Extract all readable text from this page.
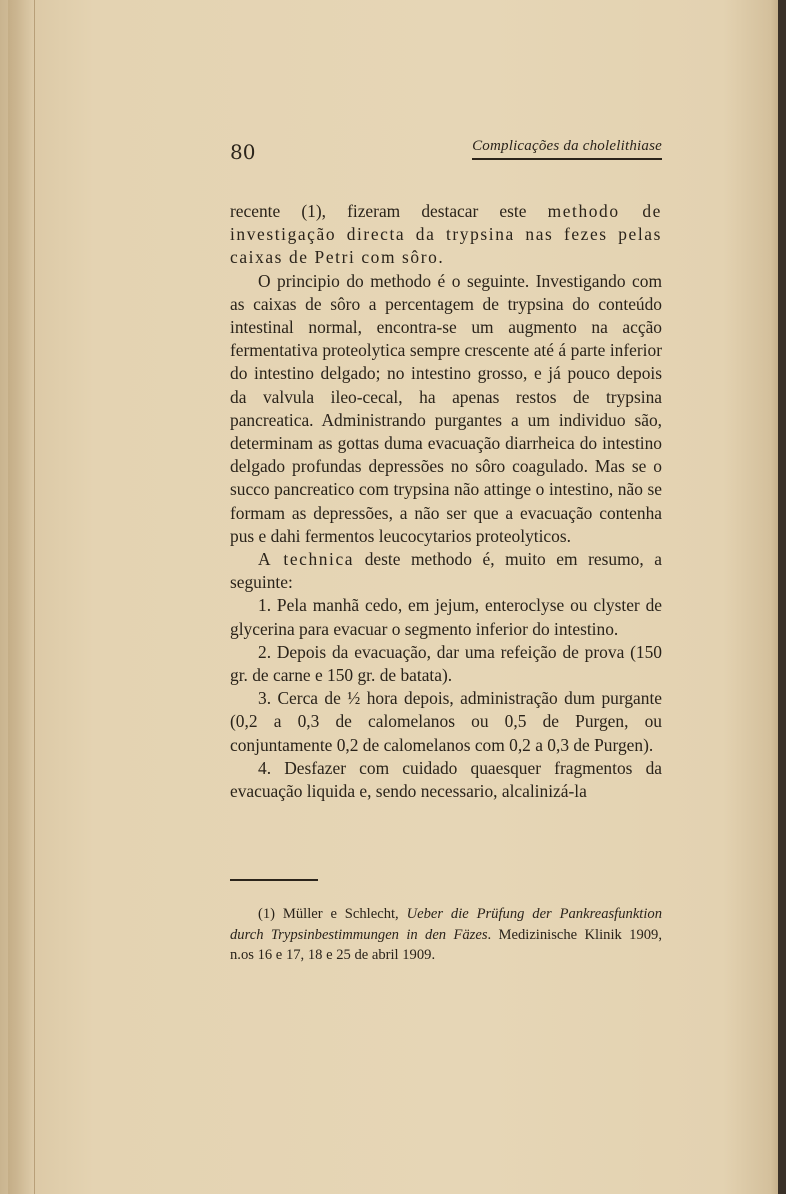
80	Complicações da cholelithiase

recente (1), fizeram destacar este methodo de investigação directa da trypsina nas fezes pelas caixas de Petri com sôro.

O principio do methodo é o seguinte. Investigando com as caixas de sôro a percentagem de trypsina do conteúdo intestinal normal, encontra-se um augmento na acção fermentativa proteolytica sempre crescente até á parte inferior do intestino delgado; no intestino grosso, e já pouco depois da valvula ileo-cecal, ha apenas restos de trypsina pancreatica. Administrando purgantes a um individuo são, determinam as gottas duma evacuação diarrheica do intestino delgado profundas depressões no sôro coagulado. Mas se o succo pancreatico com trypsina não attinge o intestino, não se formam as depressões, a não ser que a evacuação contenha pus e dahi fermentos leucocytarios proteolyticos.

A technica deste methodo é, muito em resumo, a seguinte:

1. Pela manhã cedo, em jejum, enteroclyse ou clyster de glycerina para evacuar o segmento inferior do intestino.

2. Depois da evacuação, dar uma refeição de prova (150 gr. de carne e 150 gr. de batata).

3. Cerca de ½ hora depois, administração dum purgante (0,2 a 0,3 de calomelanos ou 0,5 de Purgen, ou conjuntamente 0,2 de calomelanos com 0,2 a 0,3 de Purgen).

4. Desfazer com cuidado quaesquer fragmentos da evacuação liquida e, sendo necessario, alcalinizá-la

(1) Müller e Schlecht, Ueber die Prüfung der Pankreasfunktion durch Trypsinbestimmungen in den Fäzes. Medizinische Klinik 1909, n.os 16 e 17, 18 e 25 de abril 1909.
